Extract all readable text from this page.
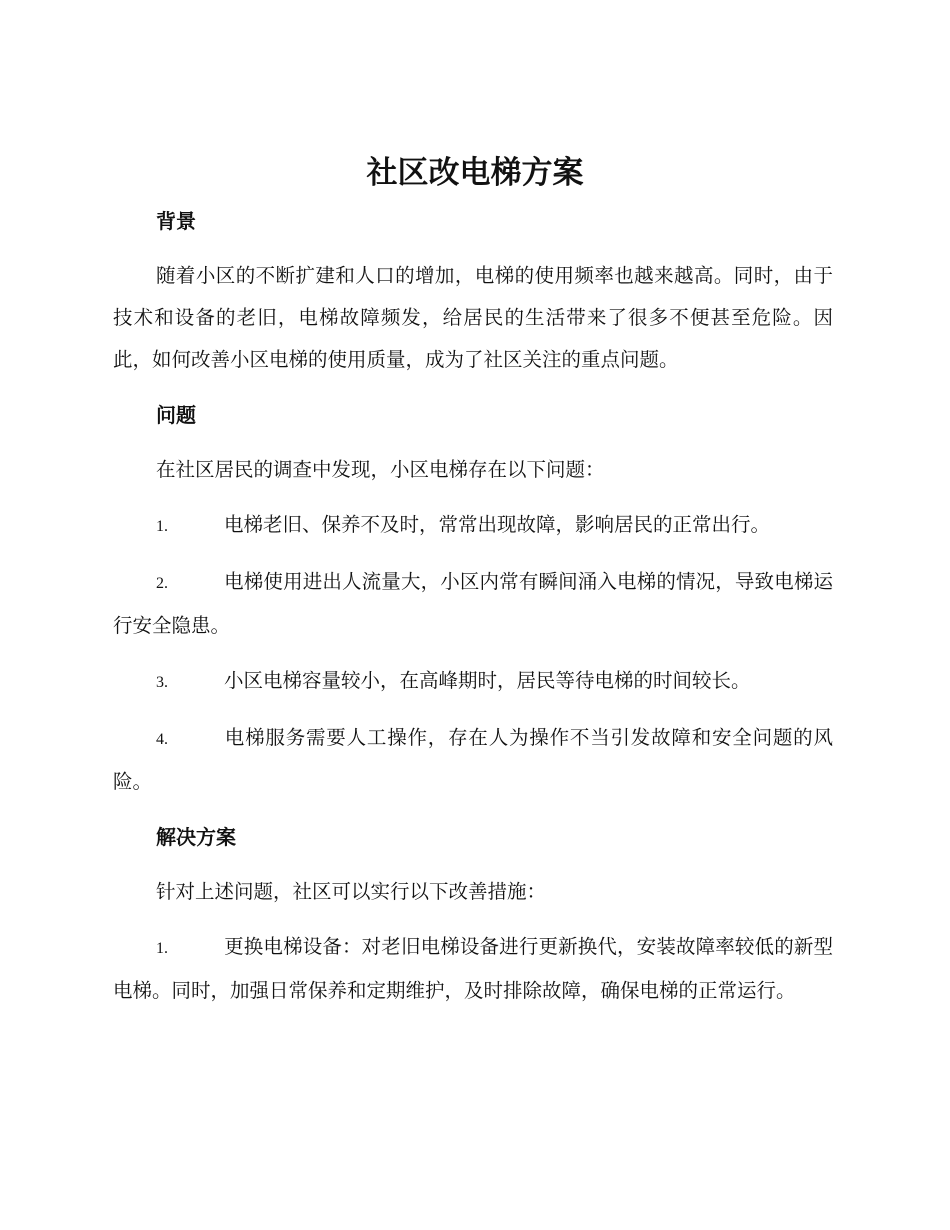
社区改电梯方案

背景

随着小区的不断扩建和人口的增加，电梯的使用频率也越来越高。同时，由于技术和设备的老旧，电梯故障频发，给居民的生活带来了很多不便甚至危险。因此，如何改善小区电梯的使用质量，成为了社区关注的重点问题。

问题

在社区居民的调查中发现，小区电梯存在以下问题：

1.	电梯老旧、保养不及时，常常出现故障，影响居民的正常出行。

2.	电梯使用进出人流量大，小区内常有瞬间涌入电梯的情况，导致电梯运行安全隐患。

3.	小区电梯容量较小，在高峰期时，居民等待电梯的时间较长。

4.	电梯服务需要人工操作，存在人为操作不当引发故障和安全问题的风险。

解决方案

针对上述问题，社区可以实行以下改善措施：

1.	更换电梯设备：对老旧电梯设备进行更新换代，安装故障率较低的新型电梯。同时，加强日常保养和定期维护，及时排除故障，确保电梯的正常运行。
